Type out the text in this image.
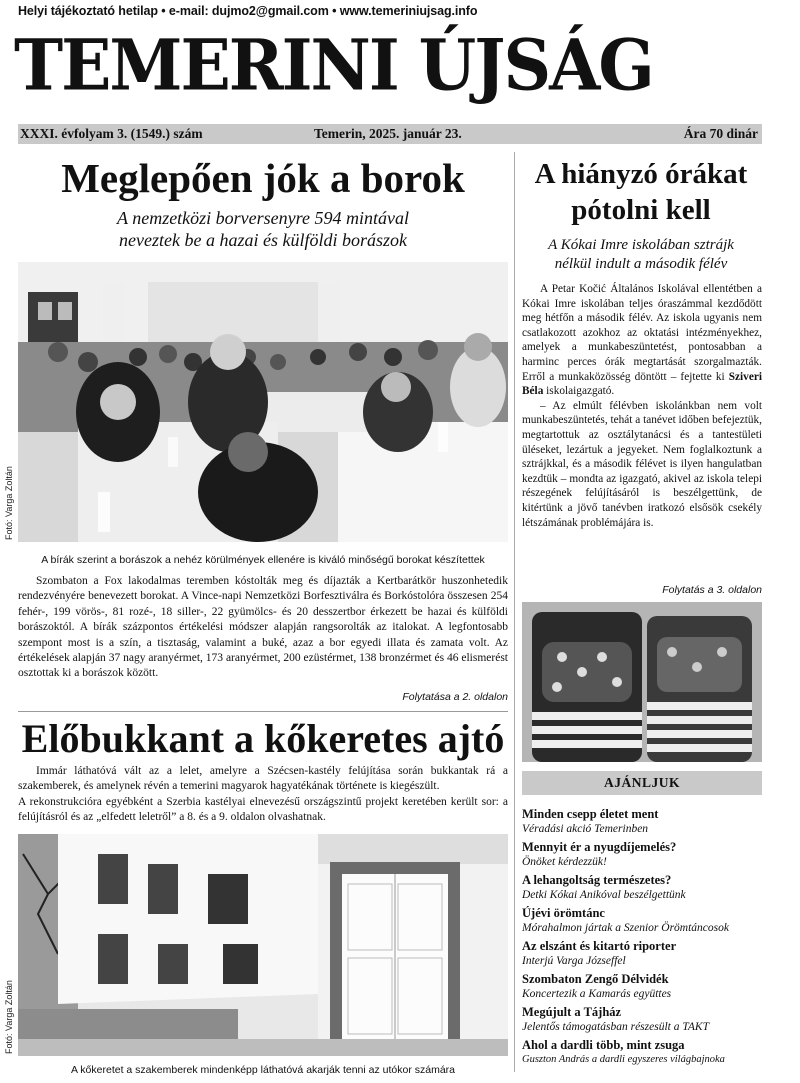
Helyi tájékoztató hetilap • e-mail: dujmo2@gmail.com • www.temeriniujsag.info
TEMERINI ÚJSÁG
XXXI. évfolyam 3. (1549.) szám	Temerin, 2025. január 23.	Ára 70 dinár
Meglepően jók a borok
A nemzetközi borversenyre 594 mintával
neveztek be a hazai és külföldi borászok
Fotó: Varga Zoltán
A bírák szerint a borászok a nehéz körülmények ellenére is kiváló minőségű borokat készítettek

Szombaton a Fox lakodalmas teremben kóstolták meg és díjazták a Kertbarátkör huszonhetedik rendezvényére benevezett borokat. A Vince-napi Nemzetközi Borfesztiválra és Borkóstolóra összesen 254 fehér-, 199 vörös-, 81 rozé-, 18 siller-, 22 gyümölcs- és 20 desszertbor érkezett be hazai és külföldi borászoktól. A bírák százpontos értékelési módszer alapján rangsorolták az italokat. A legfontosabb szempont most is a szín, a tisztaság, valamint a buké, azaz a bor egyedi illata és zamata volt. Az értékelések alapján 37 nagy aranyérmet, 173 aranyérmet, 200 ezüstérmet, 138 bronzérmet és 46 elismerést osztottak ki a borászok között.

Folytatása a 2. oldalon
Előbukkant a kőkeretes ajtó

Immár láthatóvá vált az a lelet, amelyre a Szécsen-kastély felújítása során bukkantak rá a szakemberek, és amelynek révén a temerini magyarok hagyatékának története is kiegészült.

A rekonstrukcióra egyébként a Szerbia kastélyai elnevezésű országszintű projekt keretében került sor: a felújításról és az „elfedett leletről” a 8. és a 9. oldalon olvashatnak.

Fotó: Varga Zoltán
A kőkeretet a szakemberek mindenképp láthatóvá akarják tenni az utókor számára
A hiányzó órákat
pótolni kell
A Kókai Imre iskolában sztrájk
nélkül indult a második félév

A Petar Kočić Általános Iskolával ellentétben a Kókai Imre iskolában teljes óraszámmal kezdődött meg hétfőn a második félév. Az iskola ugyanis nem csatlakozott azokhoz az oktatási intézményekhez, amelyek a munkabeszüntetést, pontosabban a harminc perces órák megtartását szorgalmazták. Erről a munkaközösség döntött – fejtette ki Sziveri Béla iskolaigazgató.

– Az elmúlt félévben iskolánkban nem volt munkabeszüntetés, tehát a tanévet időben befejeztük, megtartottuk az osztálytanácsi és a tantestületi üléseket, lezártuk a jegyeket. Nem foglalkoztunk a sztrájkkal, és a második félévet is ilyen hangulatban kezdtük – mondta az igazgató, akivel az iskola telepi részegének felújításáról is beszélgettünk, de kitértünk a jövő tanévben iratkozó elsősök csekély létszámának problémájára is.

Folytatás a 3. oldalon
AJÁNLJUK
Minden csepp életet ment
Véradási akció Temerinben
Mennyit ér a nyugdíjemelés?
Önöket kérdezzük!
A lehangoltság természetes?
Detki Kókai Anikóval beszélgettünk
Újévi örömtánc
Mórahalmon jártak a Szenior Örömtáncosok
Az elszánt és kitartó riporter
Interjú Varga Józseffel
Szombaton Zengő Délvidék
Koncertezik a Kamarás együttes
Megújult a Tájház
Jelentős támogatásban részesült a TAKT
Ahol a dardli több, mint zsuga
Guszton András a dardli egyszeres világbajnoka
